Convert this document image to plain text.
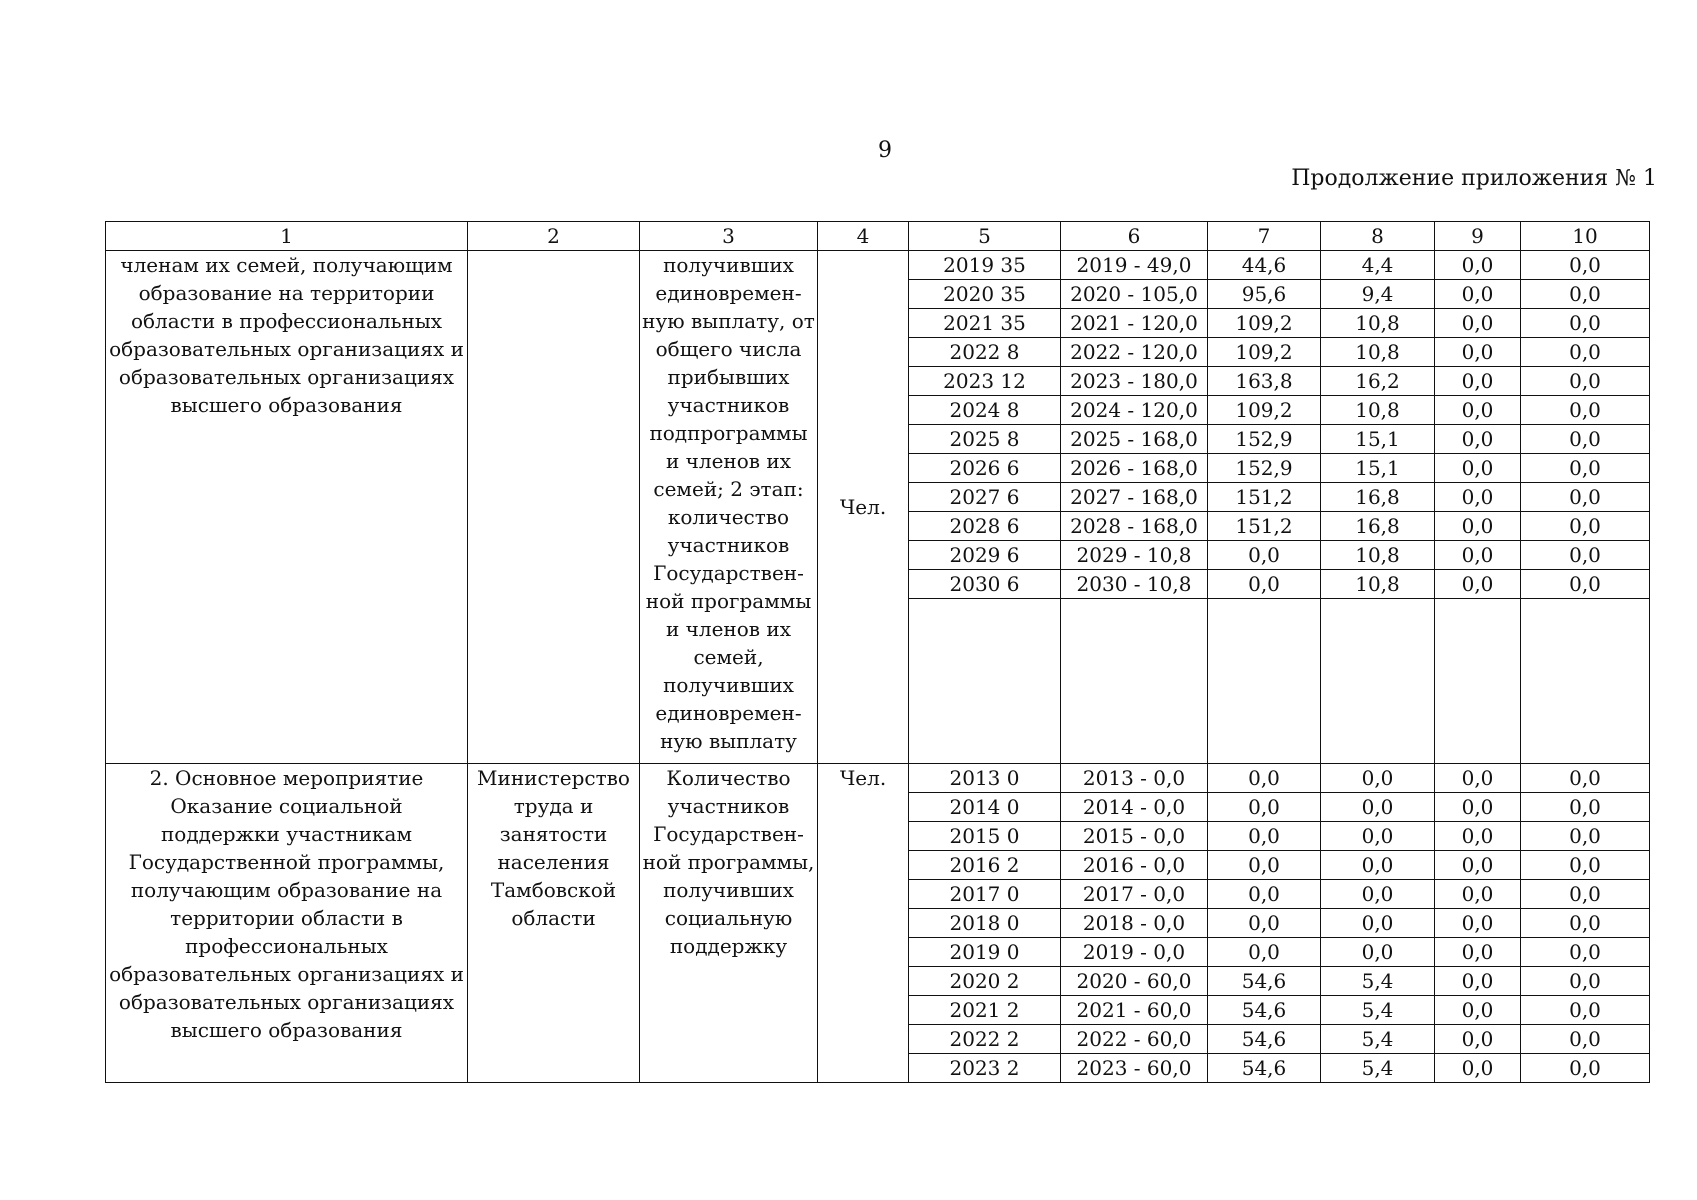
9
Продолжение приложения № 1
1	2	3	4	5	6	7	8	9	10
членам их семей, получающим образование на территории области в профессиональных образовательных организациях и образовательных организациях высшего образования		получивших единовремен-ную выплату, от общего числа прибывших участников подпрограммы и членов их семей; 2 этап: количество участников Государствен-ной программы и членов их семей, получивших единовремен-ную выплату	Чел.	2019 35	2019 - 49,0	44,6	4,4	0,0	0,0
				2020 35	2020 - 105,0	95,6	9,4	0,0	0,0
				2021 35	2021 - 120,0	109,2	10,8	0,0	0,0
				2022 8	2022 - 120,0	109,2	10,8	0,0	0,0
				2023 12	2023 - 180,0	163,8	16,2	0,0	0,0
				2024 8	2024 - 120,0	109,2	10,8	0,0	0,0
				2025 8	2025 - 168,0	152,9	15,1	0,0	0,0
				2026 6	2026 - 168,0	152,9	15,1	0,0	0,0
				2027 6	2027 - 168,0	151,2	16,8	0,0	0,0
				2028 6	2028 - 168,0	151,2	16,8	0,0	0,0
				2029 6	2029 - 10,8	0,0	10,8	0,0	0,0
				2030 6	2030 - 10,8	0,0	10,8	0,0	0,0

2. Основное мероприятие Оказание социальной поддержки участникам Государственной программы, получающим образование на территории области в профессиональных образовательных организациях и образовательных организациях высшего образования	Министерство труда и занятости населения Тамбовской области	Количество участников Государствен-ной программы, получивших социальную поддержку	Чел.	2013 0	2013 - 0,0	0,0	0,0	0,0	0,0
				2014 0	2014 - 0,0	0,0	0,0	0,0	0,0
				2015 0	2015 - 0,0	0,0	0,0	0,0	0,0
				2016 2	2016 - 0,0	0,0	0,0	0,0	0,0
				2017 0	2017 - 0,0	0,0	0,0	0,0	0,0
				2018 0	2018 - 0,0	0,0	0,0	0,0	0,0
				2019 0	2019 - 0,0	0,0	0,0	0,0	0,0
				2020 2	2020 - 60,0	54,6	5,4	0,0	0,0
				2021 2	2021 - 60,0	54,6	5,4	0,0	0,0
				2022 2	2022 - 60,0	54,6	5,4	0,0	0,0
				2023 2	2023 - 60,0	54,6	5,4	0,0	0,0
